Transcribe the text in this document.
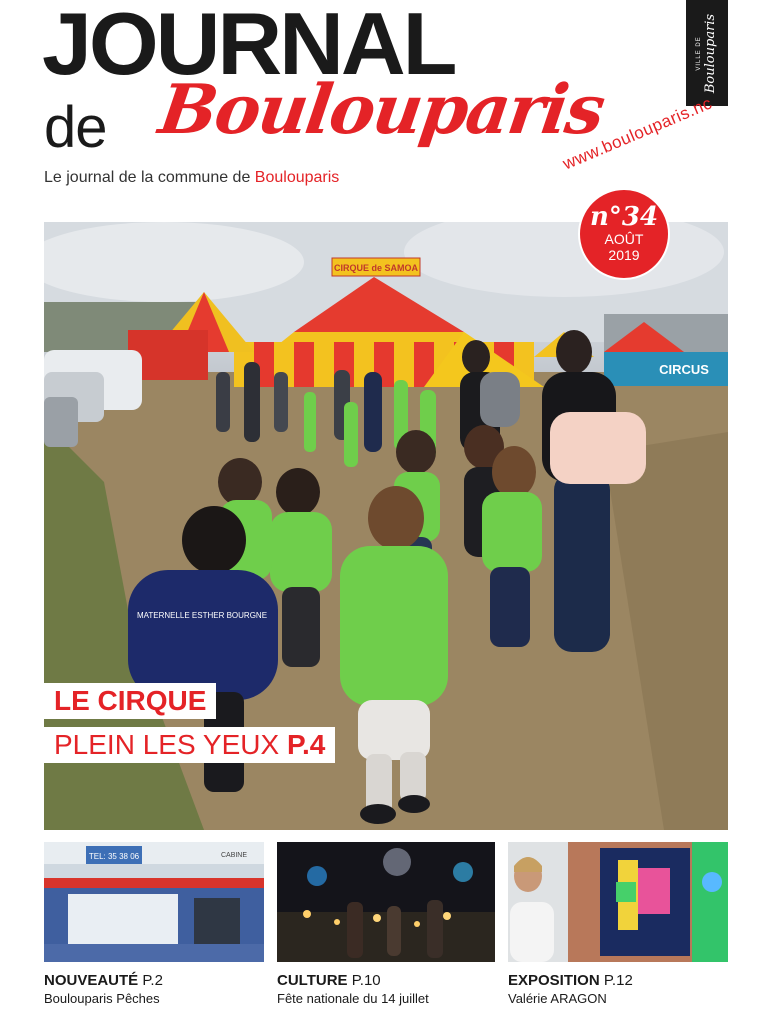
JOURNAL
de Boulouparis
Le journal de la commune de Boulouparis
VILLE DE Boulouparis
www.boulouparis.nc
n°34
AOÛT
2019
CIRQUE de SAMOA
CIRCUS
MATERNELLE ESTHER BOURGNE
LE CIRQUE
PLEIN LES YEUX P.4
TEL: 35 38 06	CABINE
NOUVEAUTÉ P.2
Boulouparis Pêches
CULTURE P.10
Fête nationale du 14 juillet
EXPOSITION P.12
Valérie ARAGON
